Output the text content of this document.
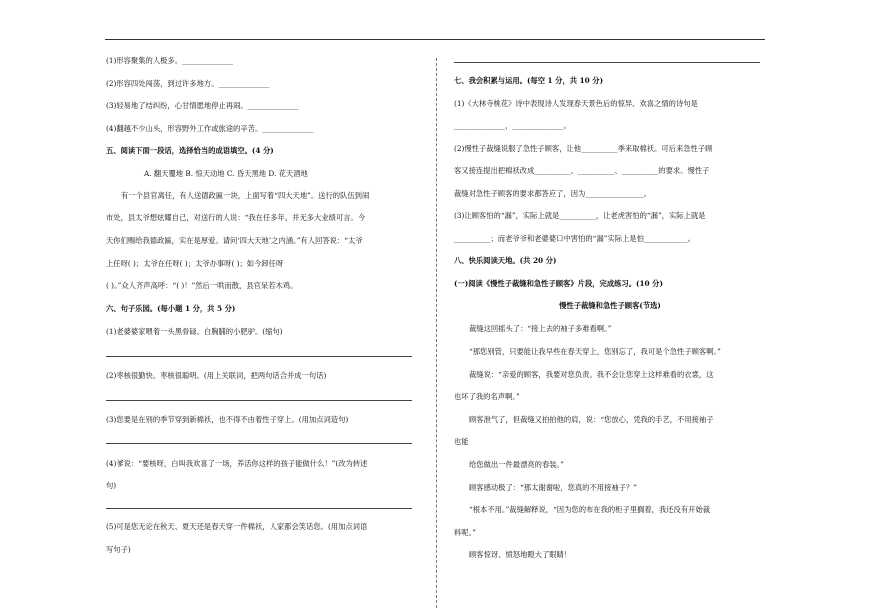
(1)形容聚集的人极多。______________
(2)形容四处闯荡，到过许多地方。______________
(3)轻易地了结纠纷，心甘情愿地停止再闹。______________
(4)翻越不少山头，形容野外工作或旅途的辛苦。______________
五、阅读下面一段话，选择恰当的成语填空。(4 分)
A. 翻天覆地 B. 惊天动地 C. 昏天黑地 D. 花天酒地
有一个县官离任，有人送德政匾一块，上面写着“四大天地”。送行的队伍到闹
市处，县太爷想炫耀自己，对送行的人说：“我在任多年，并无多大业绩可言。今
天你们赐给我德政匾，实在是厚爱。请问‘四大天地’之内涵。”有人回答说：“太爷
上任呀( )；太爷在任呀( )；太爷办事呀( )；如今卸任呀
( )。”众人齐声高呼：“( )！”然后一哄而散，县官呆若木鸡。
六、句子乐园。(每小题 1 分，共 5 分)
(1)老婆婆家喂着一头黑骨碌、白胸脯的小肥驴。(缩句)
(2)枣核很勤快。枣核很聪明。(用上关联词，把两句话合并成一句话)
(3)您要是在别的季节穿到新棉袄，也不得不由着性子穿上。(用加点词造句)
(4)爹说：“要核呀，白叫我欢喜了一场，养活你这样的孩子能做什么！”(改为转述
句)
(5)可是您无论在秋天、夏天还是春天穿一件棉袄，人家都会笑话您。(用加点词语
写句子)
七、我会积累与运用。(每空 1 分，共 10 分)
(1)《大林寺桃花》诗中表现诗人发现春天景色后的惊异、欢喜之情的诗句是
______________，______________。
(2)慢性子裁缝说服了急性子顾客，让他__________季来取棉袄。可后来急性子顾
客又接连提出把棉袄改成__________、__________、__________的要求。慢性子
裁缝对急性子顾客的要求都答应了，因为________________。
(3)让顾客怕的“漏”，实际上就是__________，让老虎害怕的“漏”，实际上就是
__________；而老爷爷和老婆婆口中害怕的“漏”实际上是怕____________。
八、快乐阅读天地。(共 20 分)
(一)阅读《慢性子裁缝和急性子顾客》片段，完成练习。(10 分)
慢性子裁缝和急性子顾客(节选)
裁缝这回摇头了：“接上去的袖子多难看啊。”
“那您别管，只要能让我早些在春天穿上，您别忘了，我可是个急性子顾客啊。”
裁缝说：“亲爱的顾客，我要对您负责。我不会让您穿上这样难看的衣裳，这
也坏了我的名声啊。”
顾客泄气了，但裁缝又拍拍他的肩，说：“您放心，凭我的手艺，不用接袖子
也能
给您做出一件最漂亮的春装。”
顾客感动极了：“那太谢谢啦，您真的不用接袖子？”
“根本不用。”裁缝解释说，“因为您的布在我的柜子里搁着，我还没有开始裁
料呢。”
顾客惊讶、愤怒地瞪大了眼睛！
